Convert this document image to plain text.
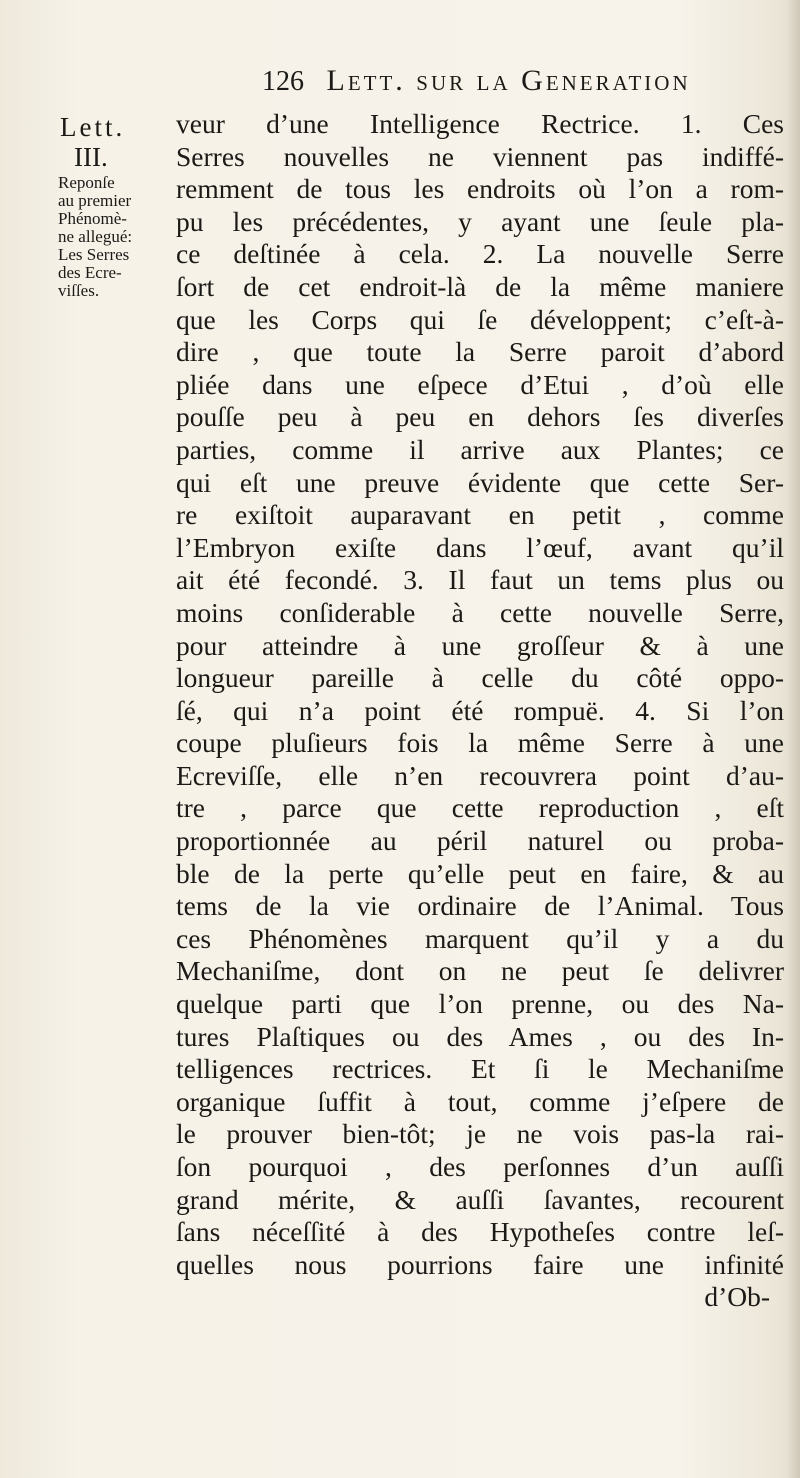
126 Lett. sur la Generation
Lett.
III.
Reponſe
au premier
Phénomè-
ne allegué:
Les Serres
des Ecre-
viſſes.
veur d’une Intelligence Rectrice. 1. Ces
Serres nouvelles ne viennent pas indiffé-
remment de tous les endroits où l’on a rom-
pu les précédentes, y ayant une ſeule pla-
ce deſtinée à cela. 2. La nouvelle Serre
ſort de cet endroit-là de la même maniere
que les Corps qui ſe développent; c’eſt-à-
dire , que toute la Serre paroit d’abord
pliée dans une eſpece d’Etui , d’où elle
pouſſe peu à peu en dehors ſes diverſes
parties, comme il arrive aux Plantes; ce
qui eſt une preuve évidente que cette Ser-
re exiſtoit auparavant en petit , comme
l’Embryon exiſte dans l’œuf, avant qu’il
ait été fecondé. 3. Il faut un tems plus ou
moins conſiderable à cette nouvelle Serre,
pour atteindre à une groſſeur & à une
longueur pareille à celle du côté oppo-
ſé, qui n’a point été rompuë. 4. Si l’on
coupe pluſieurs fois la même Serre à une
Ecreviſſe, elle n’en recouvrera point d’au-
tre , parce que cette reproduction , eſt
proportionnée au péril naturel ou proba-
ble de la perte qu’elle peut en faire, & au
tems de la vie ordinaire de l’Animal. Tous
ces Phénomènes marquent qu’il y a du
Mechaniſme, dont on ne peut ſe delivrer
quelque parti que l’on prenne, ou des Na-
tures Plaſtiques ou des Ames , ou des In-
telligences rectrices. Et ſi le Mechaniſme
organique ſuffit à tout, comme j’eſpere de
le prouver bien-tôt; je ne vois pas-la rai-
ſon pourquoi , des perſonnes d’un auſſi
grand mérite, & auſſi ſavantes, recourent
ſans néceſſité à des Hypotheſes contre leſ-
quelles nous pourrions faire une infinité
d’Ob-
